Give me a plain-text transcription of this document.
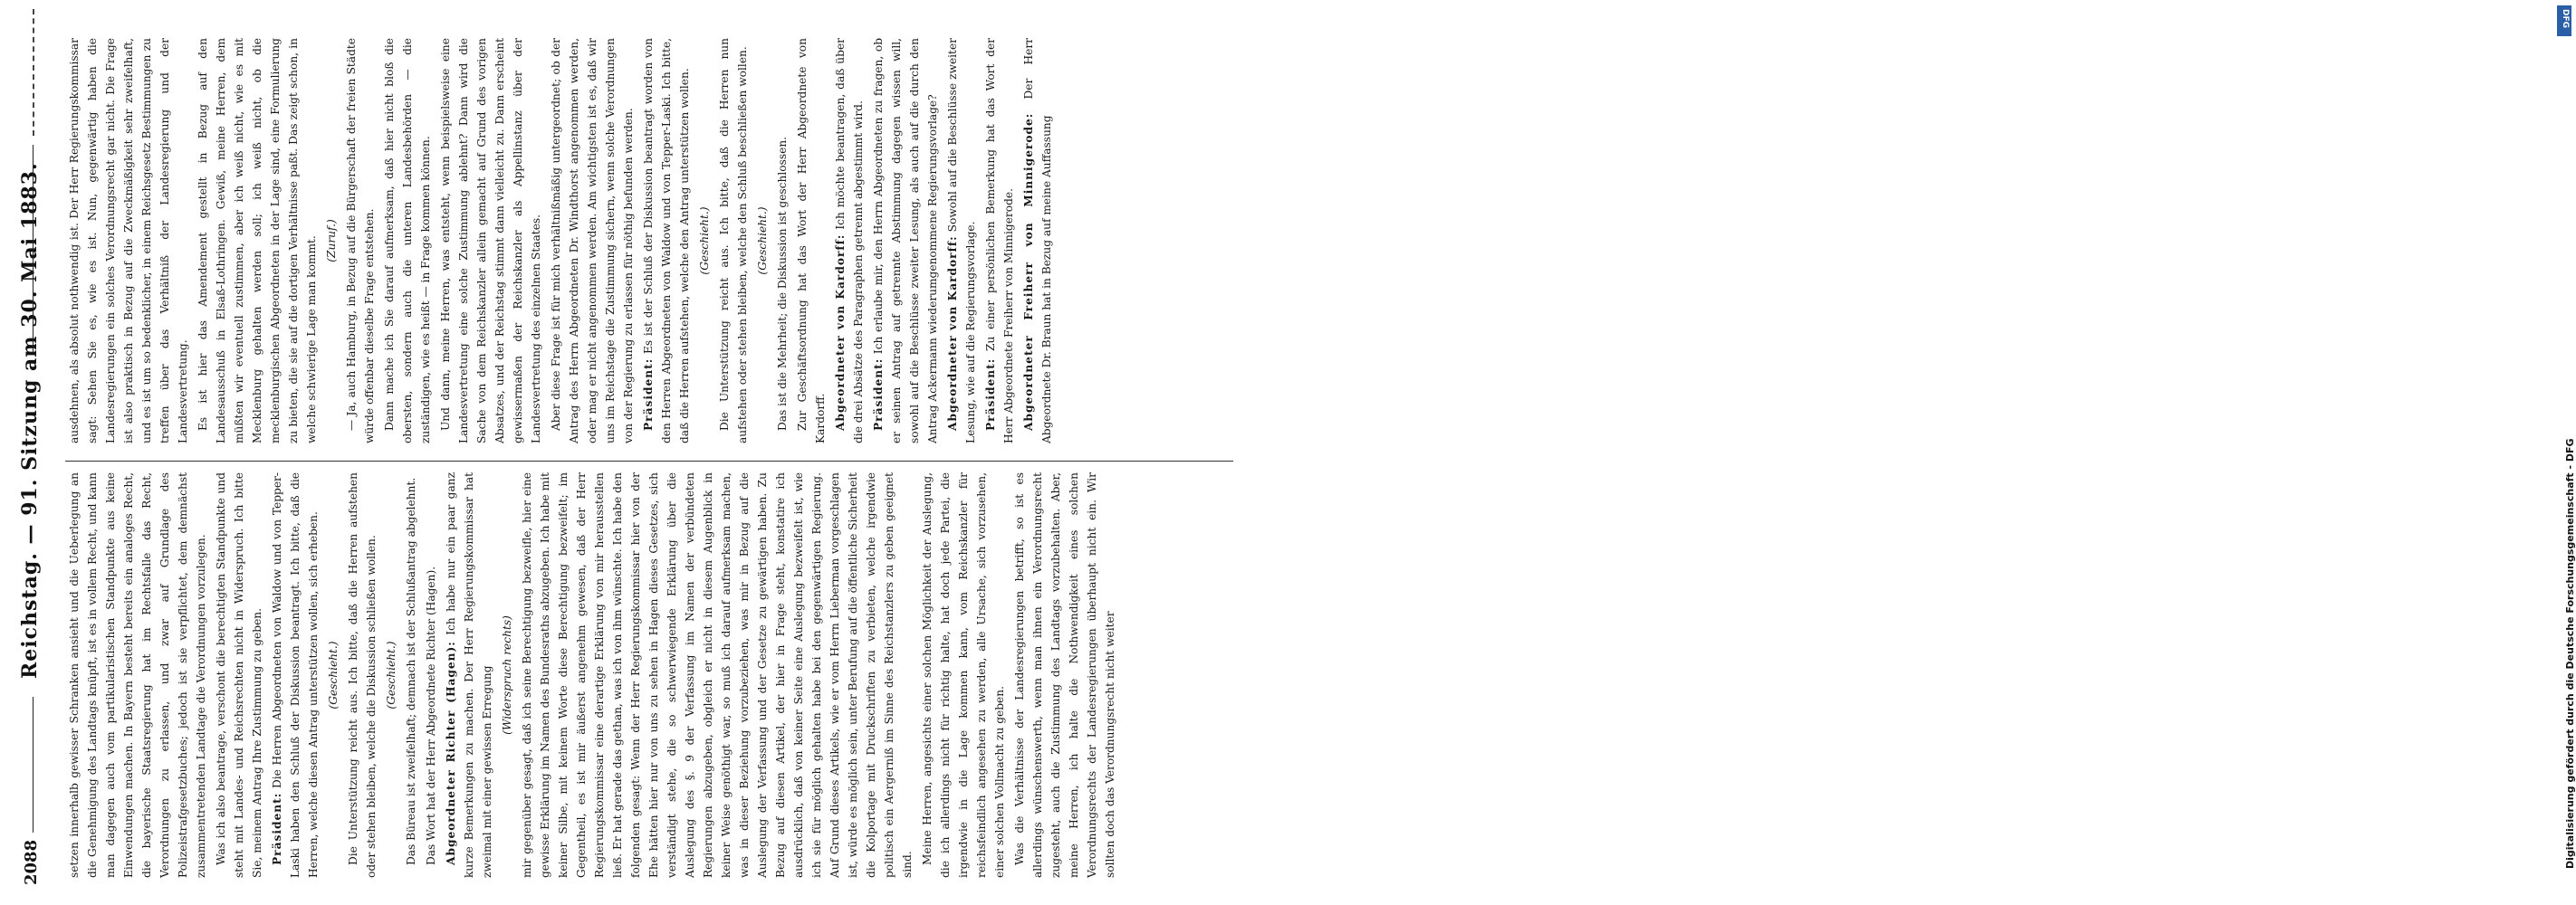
2088
Reichstag. — 91. Sitzung am 30. Mai 1883. setzen innerhalb gewisser Schranken ansieht und die Ueberlegung an die Genehmigung des Landtags knüpft, ist es in vollem Recht, und kann man dagegen auch vom partikularistischen Standpunkte aus keine Einwendungen machen. In Bayern besteht bereits ein analoges Recht, die bayerische Staatsregierung hat im Rechtsfalle das Recht, Verordnungen zu erlassen, und zwar auf Grundlage des Polizeistrafgesetzbuches; jedoch ist sie verpflichtet, dem demnächst zusammentretenden Landtage die Verordnungen vorzulegen. Was ich also beantrage, verschont die berechtigten Standpunkte und steht mit Landes- und Reichsrechten nicht in Widerspruch. Ich bitte Sie, meinem Antrag Ihre Zustimmung zu geben. Präsident: Die Herren Abgeordneten von Waldow und von Tepper-Laski haben den Schluß der Diskussion beantragt. Ich bitte, daß die Herren, welche diesen Antrag unterstützen wollen, sich erheben. (Geschieht.) Die Unterstützung reicht aus. Ich bitte, daß die Herren aufstehen oder stehen bleiben, welche die Diskussion schließen wollen. (Geschieht.) Das Büreau ist zweifelhaft; demnach ist der Schlußantrag abgelehnt. Das Wort hat der Herr Abgeordnete Richter (Hagen). Abgeordneter Richter (Hagen): Ich habe nur ein paar ganz kurze Bemerkungen zu machen. Der Herr Regierungskommissar hat zweimal mit einer gewissen Erregung (Widerspruch rechts) mir gegenüber gesagt, daß ich seine Berechtigung bezweifle, hier eine gewisse Erklärung im Namen des Bundesraths abzugeben. Ich habe mit keiner Silbe, mit keinem Worte diese Berechtigung bezweifelt; im Gegentheil, es ist mir äußerst angenehm gewesen, daß der Herr Regierungskommissar eine derartige Erklärung von mir herausstellen ließ. Er hat gerade das gethan, was ich von ihm wünschte. Ich habe den folgenden gesagt: Wenn der Herr Regierungskommissar hier von der Ehe hätten hier nur von uns zu sehen in Hagen dieses Gesetzes, sich verständigt stehe, die so schwerwiegende Erklärung über die Auslegung des §. 9 der Verfassung im Namen der verbündeten Regierungen abzugeben, obgleich er nicht in diesem Augenblick in keiner Weise genöthigt war, so muß ich darauf aufmerksam machen, was in dieser Beziehung vorzubeziehen, was mir in Bezug auf die Auslegung der Verfassung und der Gesetze zu gewärtigen haben. Zu Bezug auf diesen Artikel, der hier in Frage steht, konstatire ich ausdrücklich, daß von keiner Seite eine Auslegung bezweifelt ist, wie ich sie für möglich gehalten habe bei den gegenwärtigen Regierung. Auf Grund dieses Artikels, wie er vom Herrn Lieberman vorgeschlagen ist, würde es möglich sein, unter Berufung auf die öffentliche Sicherheit die Kolportage mit Druckschriften zu verbieten, welche irgendwie politisch ein Aergerniß im Sinne des Reichstanzlers zu geben geeignet sind. Meine Herren, angesichts einer solchen Möglichkeit der Auslegung, die ich allerdings nicht für richtig halte, hat doch jede Partei, die irgendwie in die Lage kommen kann, vom Reichskanzler für reichsfeindlich angesehen zu werden, alle Ursache, sich vorzusehen, einer solchen Vollmacht zu geben. Was die Verhältnisse der Landesregierungen betrifft, so ist es allerdings wünschenswerth, wenn man ihnen ein Verordnungsrecht zugesteht, auch die Zustimmung des Landtags vorzubehalten. Aber, meine Herren, ich halte die Nothwendigkeit eines solchen Verordnungsrechts der Landesregierungen überhaupt nicht ein. Wir sollten doch das Verordnungsrecht nicht weiter

ausdehnen, als absolut nothwendig ist. Der Herr Regierungskommissar sagt: Sehen Sie es, wie es ist. Nun, gegenwärtig haben die Landesregierungen ein solches Verordnungsrecht gar nicht. Die Frage ist also praktisch in Bezug auf die Zweckmäßigkeit sehr zweifelhaft, und es ist um so bedenklicher, in einem Reichsgesetz Bestimmungen zu treffen über das Verhältniß der Landesregierung und der Landesvertretung. Es ist hier das Amendement gestellt in Bezug auf den Landesausschuß in Elsaß-Lothringen. Gewiß, meine Herren, dem müßten wir eventuell zustimmen, aber ich weiß nicht, wie es mit Mecklenburg gehalten werden soll; ich weiß nicht, ob die mecklenburgischen Abgeordneten in der Lage sind, eine Formulierung zu bieten, die sie auf die dortigen Verhältnisse paßt. Das zeigt schon, in welche schwierige Lage man kommt. (Zuruf.) — Ja, auch Hamburg, in Bezug auf die Bürgerschaft der freien Städte würde offenbar dieselbe Frage entstehen. Dann mache ich Sie darauf aufmerksam, daß hier nicht bloß die obersten, sondern auch die unteren Landesbehörden — die zuständigen, wie es heißt — in Frage kommen können. Und dann, meine Herren, was entsteht, wenn beispielsweise eine Landesvertretung eine solche Zustimmung ablehnt? Dann wird die Sache von dem Reichskanzler allein gemacht auf Grund des vorigen Absatzes, und der Reichstag stimmt dann vielleicht zu. Dann erscheint gewissermaßen der Reichskanzler als Appellinstanz über der Landesvertretung des einzelnen Staates. Aber diese Frage ist für mich verhältnißmäßig untergeordnet; ob der Antrag des Herrn Abgeordneten Dr. Windthorst angenommen werden, oder mag er nicht angenommen werden. Am wichtigsten ist es, daß wir uns im Reichstage die Zustimmung sichern, wenn solche Verordnungen von der Regierung zu erlassen für nöthig befunden werden. Präsident: Es ist der Schluß der Diskussion beantragt worden von den Herren Abgeordneten von Waldow und von Tepper-Laski. Ich bitte, daß die Herren aufstehen, welche den Antrag unterstützen wollen. (Geschieht.) Die Unterstützung reicht aus. Ich bitte, daß die Herren nun aufstehen oder stehen bleiben, welche den Schluß beschließen wollen. (Geschieht.) Das ist die Mehrheit; die Diskussion ist geschlossen. Zur Geschäftsordnung hat das Wort der Herr Abgeordnete von Kardorff. Abgeordneter von Kardorff: Ich möchte beantragen, daß über die drei Absätze des Paragraphen getrennt abgestimmt wird. Präsident: Ich erlaube mir, den Herrn Abgeordneten zu fragen, ob er seinen Antrag auf getrennte Abstimmung dagegen wissen will, sowohl auf die Beschlüsse zweiter Lesung, als auch auf die durch den Antrag Ackermann wiederumgenommene Regierungsvorlage? Abgeordneter von Kardorff: Sowohl auf die Beschlüsse zweiter Lesung, wie auf die Regierungsvorlage. Präsident: Zu einer persönlichen Bemerkung hat das Wort der Herr Abgeordnete Freiherr von Minnigerode. Abgeordneter Freiherr von Minnigerode: Der Herr Abgeordnete Dr. Braun hat in Bezug auf meine Auffassung

DFG
Digitalisierung gefördert durch die Deutsche Forschungsgemeinschaft - DFG
